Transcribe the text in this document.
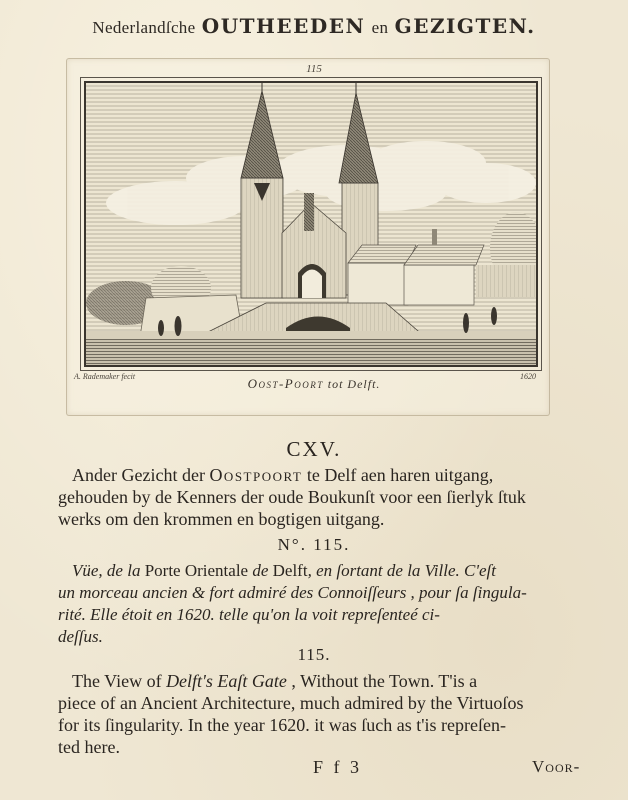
Nederlandſche OUTHEEDEN en GEZIGTEN.
115
A. Rademaker fecit	Oost-Poort tot Delft.
1620
CXV.
Ander Gezicht der Oostpoort te Delf aen haren uitgang,
gehouden by de Kenners der oude Boukunſt voor een ſierlyk ſtuk
werks om den krommen en bogtigen uitgang.
N°. 115.
Vüe, de la Porte Orientale de Delft, en ſortant de la Ville. C'eſt
un morceau ancien & fort admiré des Connoiſſeurs , pour ſa ſingula-
rité. Elle étoit en 1620. telle qu'on la voit repreſenteé ci-
deſſus.
115.
The View of Delft's Eaſt Gate , Without the Town. T'is a
piece of an Ancient Architecture, much admired by the Virtuoſos
for its ſingularity. In the year 1620. it was ſuch as t'is repreſen-
ted here.
F f 3	Voor-
